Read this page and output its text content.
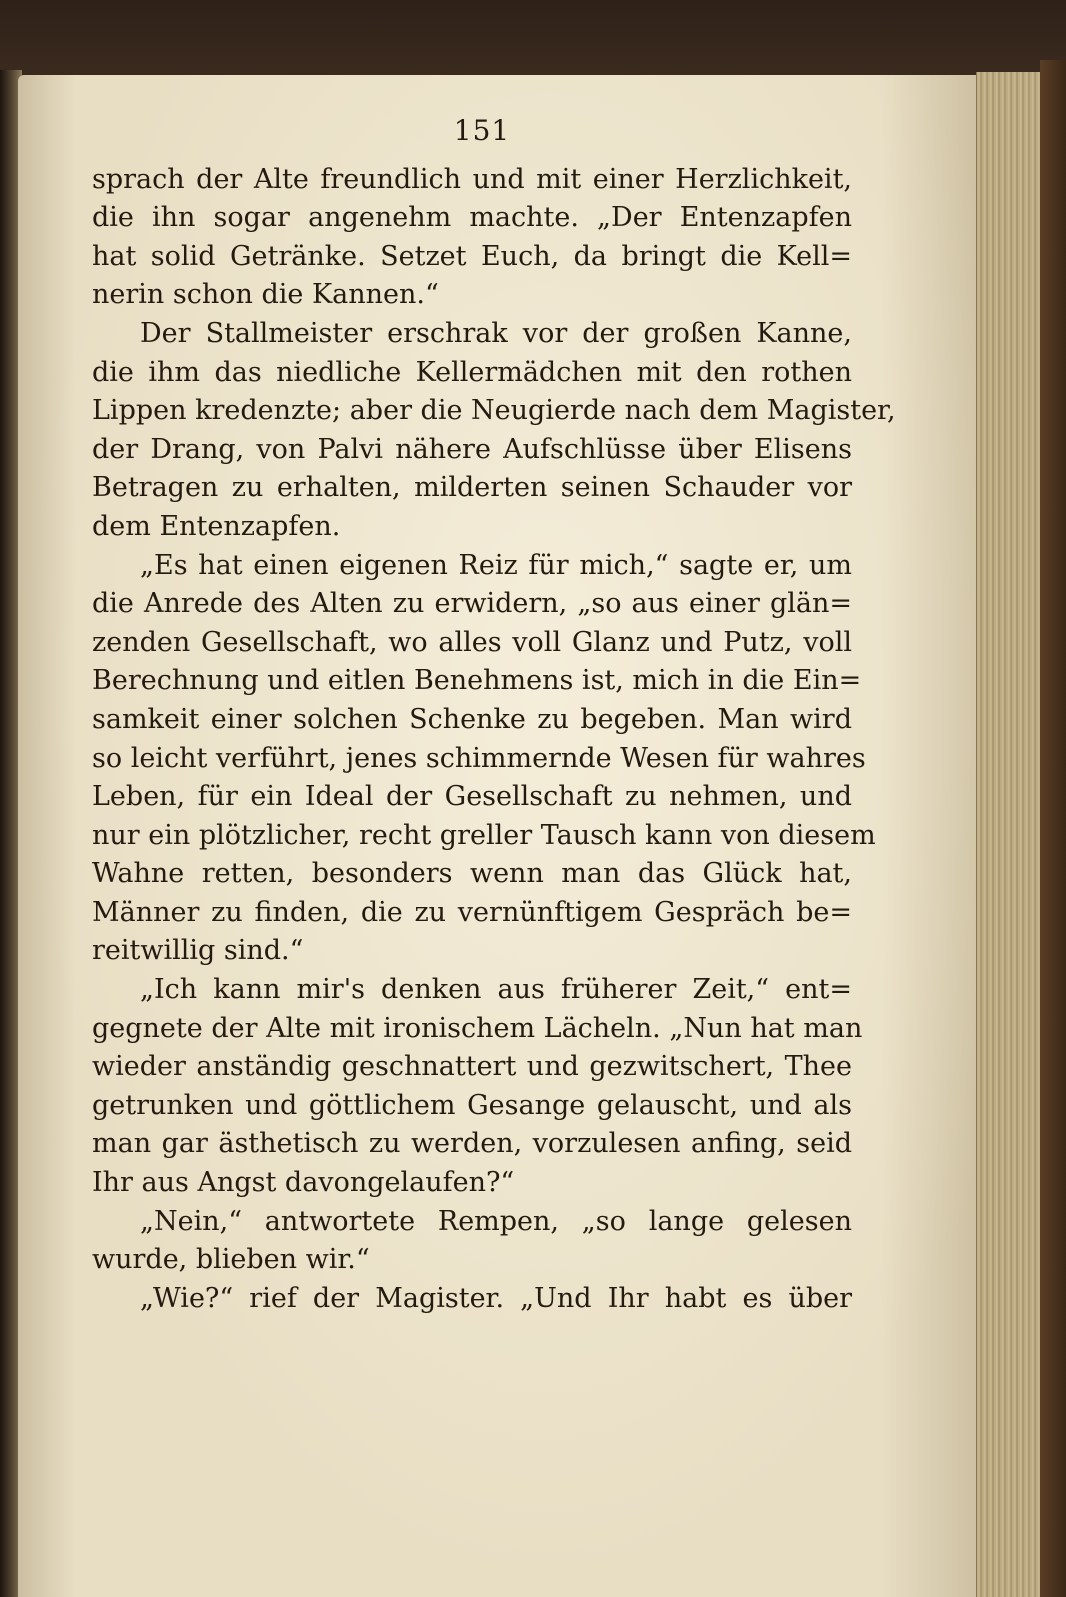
151
sprach der Alte freundlich und mit einer Herzlichkeit,
die ihn sogar angenehm machte. „Der Entenzapfen
hat solid Getränke. Setzet Euch, da bringt die Kell=
nerin schon die Kannen.“
Der Stallmeister erschrak vor der großen Kanne,
die ihm das niedliche Kellermädchen mit den rothen
Lippen kredenzte; aber die Neugierde nach dem Magister,
der Drang, von Palvi nähere Aufschlüsse über Elisens
Betragen zu erhalten, milderten seinen Schauder vor
dem Entenzapfen.
„Es hat einen eigenen Reiz für mich,“ sagte er, um
die Anrede des Alten zu erwidern, „so aus einer glän=
zenden Gesellschaft, wo alles voll Glanz und Putz, voll
Berechnung und eitlen Benehmens ist, mich in die Ein=
samkeit einer solchen Schenke zu begeben. Man wird
so leicht verführt, jenes schimmernde Wesen für wahres
Leben, für ein Ideal der Gesellschaft zu nehmen, und
nur ein plötzlicher, recht greller Tausch kann von diesem
Wahne retten, besonders wenn man das Glück hat,
Männer zu finden, die zu vernünftigem Gespräch be=
reitwillig sind.“
„Ich kann mir's denken aus früherer Zeit,“ ent=
gegnete der Alte mit ironischem Lächeln. „Nun hat man
wieder anständig geschnattert und gezwitschert, Thee
getrunken und göttlichem Gesange gelauscht, und als
man gar ästhetisch zu werden, vorzulesen anfing, seid
Ihr aus Angst davongelaufen?“
„Nein,“ antwortete Rempen, „so lange gelesen
wurde, blieben wir.“
„Wie?“ rief der Magister. „Und Ihr habt es über
